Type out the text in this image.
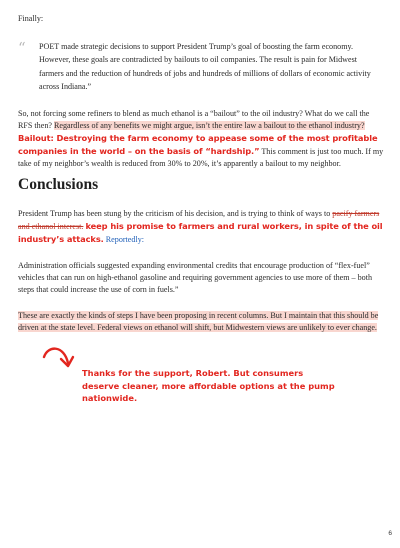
Finally:

“ POET made strategic decisions to support President Trump’s goal of boosting the farm economy. However, these goals are contradicted by bailouts to oil companies. The result is pain for Midwest farmers and the reduction of hundreds of jobs and hundreds of millions of dollars of economic activity across Indiana.”

So, not forcing some refiners to blend as much ethanol is a “bailout” to the oil industry? What do we call the RFS then? Regardless of any benefits we might argue, isn’t the entire law a bailout to the ethanol industry? Bailout: Destroying the farm economy to appease some of the most profitable companies in the world – on the basis of “hardship.” This comment is just too much. If my take of my neighbor’s wealth is reduced from 30% to 20%, it’s apparently a bailout to my neighbor.

Conclusions

President Trump has been stung by the criticism of his decision, and is trying to think of ways to pacify farmers and ethanol interest. keep his promise to farmers and rural workers, in spite of the oil industry’s attacks. Reportedly:

Administration officials suggested expanding environmental credits that encourage production of “flex-fuel” vehicles that can run on high-ethanol gasoline and requiring government agencies to use more of them – both steps that could increase the use of corn in fuels.”

These are exactly the kinds of steps I have been proposing in recent columns. But I maintain that this should be driven at the state level. Federal views on ethanol will shift, but Midwestern views are unlikely to ever change.

Thanks for the support, Robert. But consumers deserve cleaner, more affordable options at the pump nationwide.

6
